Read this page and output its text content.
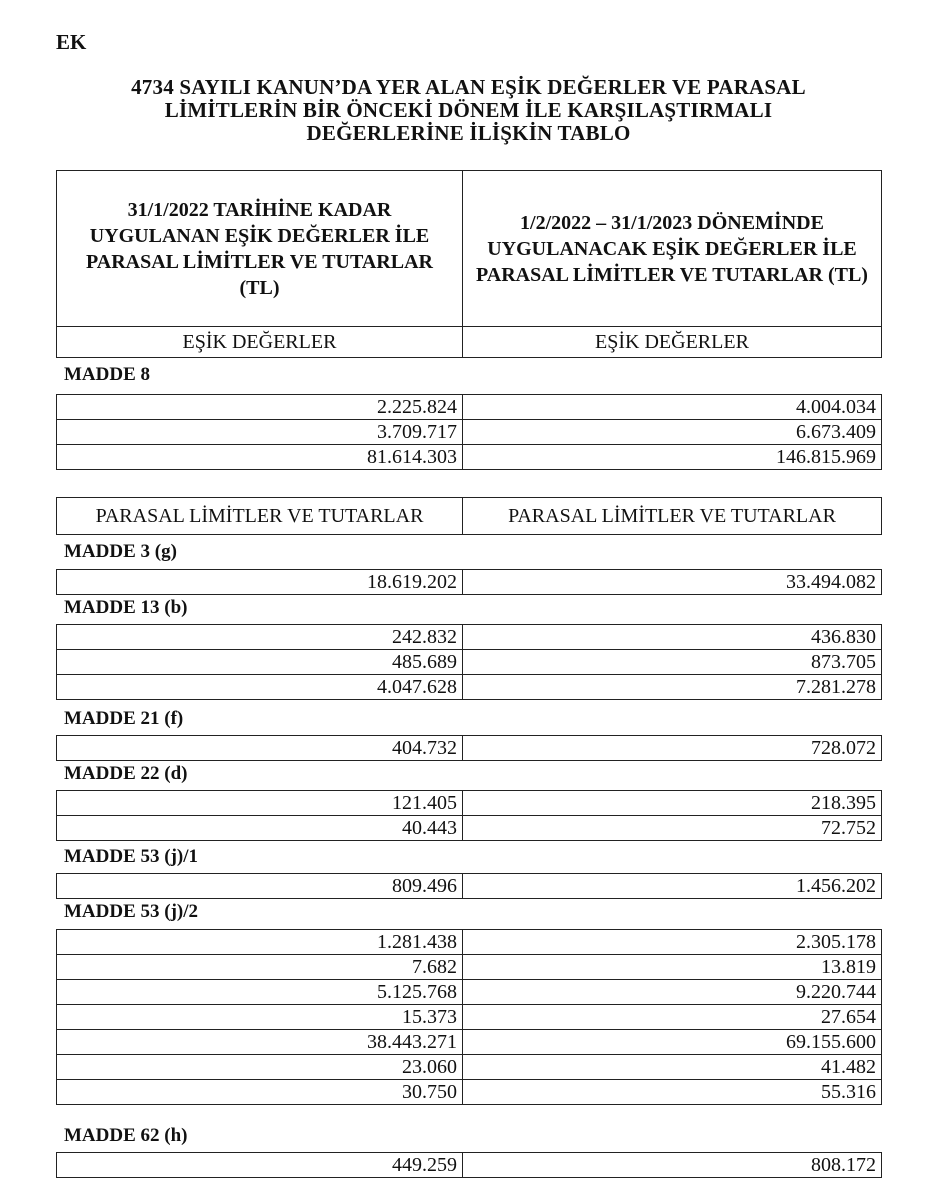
EK
4734 SAYILI KANUN’DA YER ALAN EŞİK DEĞERLER VE PARASAL
LİMİTLERİN BİR ÖNCEKİ DÖNEM İLE KARŞILAŞTIRMALI
DEĞERLERİNE İLİŞKİN TABLO
31/1/2022 TARİHİNE KADAR UYGULANAN EŞİK DEĞERLER İLE PARASAL LİMİTLER VE TUTARLAR (TL)	1/2/2022 – 31/1/2023 DÖNEMİNDE UYGULANACAK EŞİK DEĞERLER İLE PARASAL LİMİTLER VE TUTARLAR (TL)
EŞİK DEĞERLER	EŞİK DEĞERLER
MADDE 8
2.225.824	4.004.034
3.709.717	6.673.409
81.614.303	146.815.969
PARASAL LİMİTLER VE TUTARLAR	PARASAL LİMİTLER VE TUTARLAR
MADDE 3 (g)
18.619.202	33.494.082
MADDE 13 (b)
242.832	436.830
485.689	873.705
4.047.628	7.281.278
MADDE 21 (f)
404.732	728.072
MADDE 22 (d)
121.405	218.395
40.443	72.752
MADDE 53 (j)/1
809.496	1.456.202
MADDE 53 (j)/2
1.281.438	2.305.178
7.682	13.819
5.125.768	9.220.744
15.373	27.654
38.443.271	69.155.600
23.060	41.482
30.750	55.316
MADDE 62 (h)
449.259	808.172
